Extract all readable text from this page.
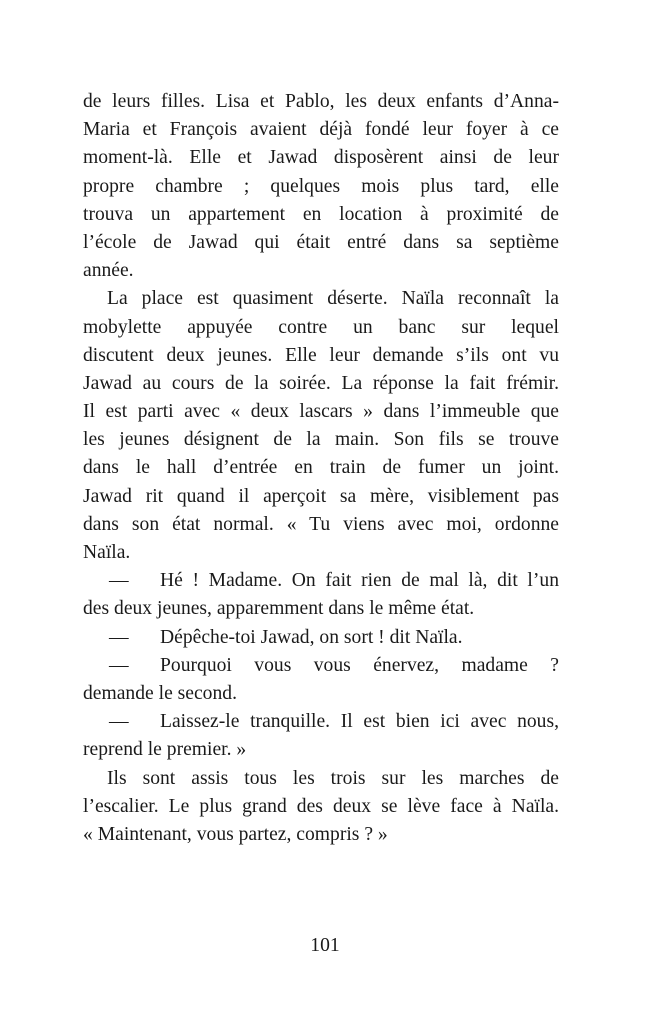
de leurs filles. Lisa et Pablo, les deux enfants d’Anna-
Maria et François avaient déjà fondé leur foyer à ce
moment-là. Elle et Jawad disposèrent ainsi de leur
propre chambre ; quelques mois plus tard, elle
trouva un appartement en location à proximité de
l’école de Jawad qui était entré dans sa septième
année.
La place est quasiment déserte. Naïla reconnaît la
mobylette appuyée contre un banc sur lequel
discutent deux jeunes. Elle leur demande s’ils ont vu
Jawad au cours de la soirée. La réponse la fait frémir.
Il est parti avec « deux lascars » dans l’immeuble que
les jeunes désignent de la main. Son fils se trouve
dans le hall d’entrée en train de fumer un joint.
Jawad rit quand il aperçoit sa mère, visiblement pas
dans son état normal. « Tu viens avec moi, ordonne
Naïla.
— Hé ! Madame. On fait rien de mal là, dit l’un
des deux jeunes, apparemment dans le même état.
— Dépêche-toi Jawad, on sort ! dit Naïla.
— Pourquoi vous vous énervez, madame ?
demande le second.
— Laissez-le tranquille. Il est bien ici avec nous,
reprend le premier. »
Ils sont assis tous les trois sur les marches de
l’escalier. Le plus grand des deux se lève face à Naïla.
« Maintenant, vous partez, compris ? »
101
